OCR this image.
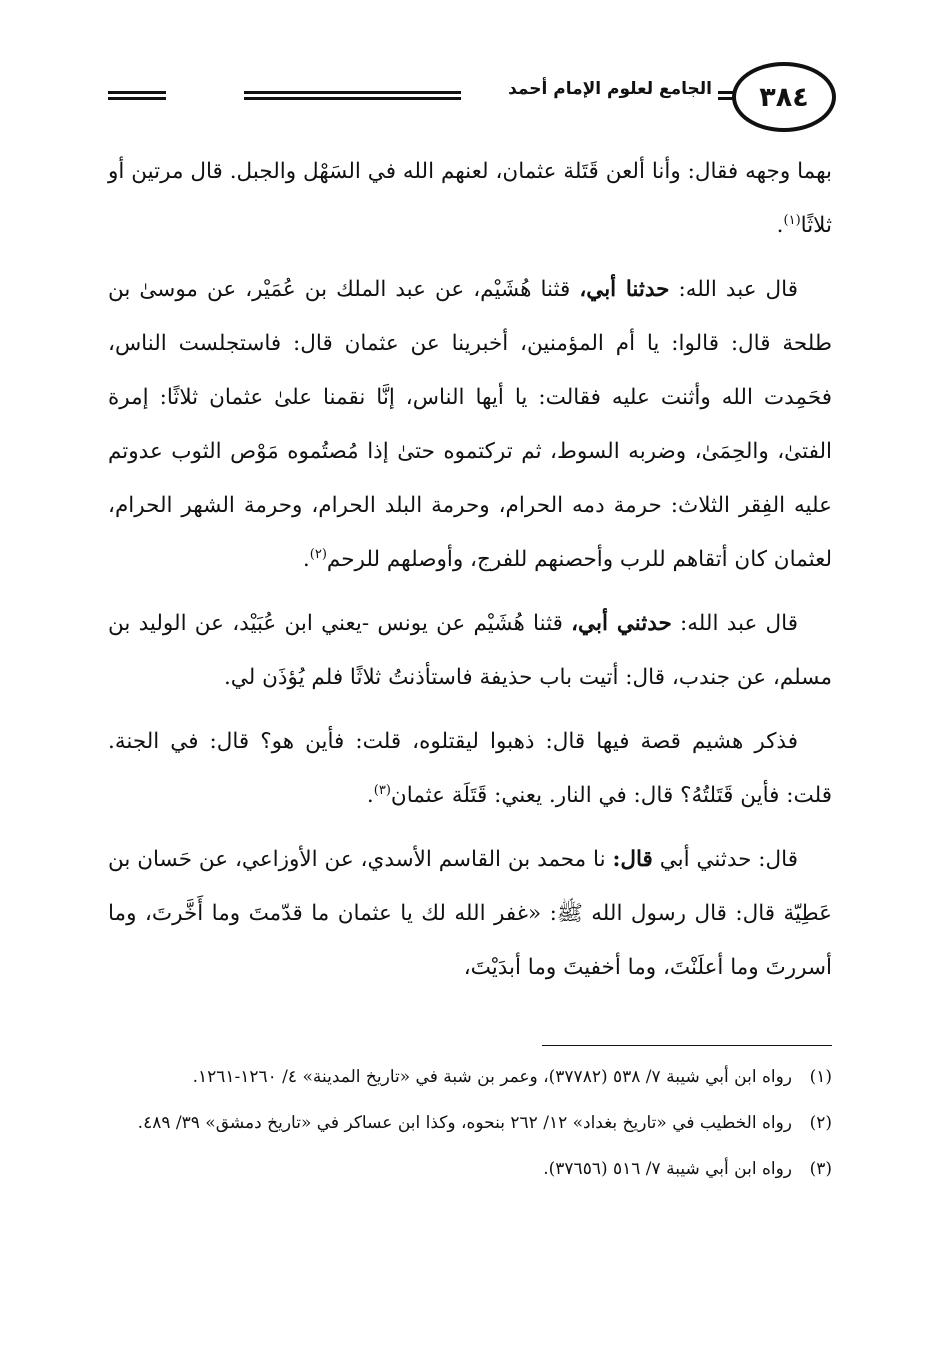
٣٨٤
الجامع لعلوم الإمام أحمد

بهما وجهه فقال: وأنا ألعن قَتَلة عثمان، لعنهم الله في السَهْل والجبل. قال مرتين أو ثلاثًا$^{(١)}$.

قال عبد الله: حدثنا أبي، قثنا هُشَيْم، عن عبد الملك بن عُمَيْر، عن موسىٰ بن طلحة قال: قالوا: يا أم المؤمنين، أخبرينا عن عثمان قال: فاستجلست الناس، فحَمِدت الله وأثنت عليه فقالت: يا أيها الناس، إنَّا نقمنا علىٰ عثمان ثلاثًا: إمرة الفتىٰ، والحِمَىٰ، وضربه السوط، ثم تركتموه حتىٰ إذا مُصتُموه مَوْص الثوب عدوتم عليه الفِقر الثلاث: حرمة دمه الحرام، وحرمة البلد الحرام، وحرمة الشهر الحرام، لعثمان كان أتقاهم للرب وأحصنهم للفرج، وأوصلهم للرحم$^{(٢)}$.

قال عبد الله: حدثني أبي، قثنا هُشَيْم عن يونس -يعني ابن عُبَيْد، عن الوليد بن مسلم، عن جندب، قال: أتيت باب حذيفة فاستأذنتُ ثلاثًا فلم يُؤذَن لي.

فذكر هشيم قصة فيها قال: ذهبوا ليقتلوه، قلت: فأين هو؟ قال: في الجنة. قلت: فأين قَتَلتُهُ؟ قال: في النار. يعني: قَتَلَة عثمان$^{(٣)}$.

قال: حدثني أبي قال: نا محمد بن القاسم الأسدي، عن الأوزاعي، عن حَسان بن عَطِيّة قال: قال رسول الله ﷺ: «غفر الله لك يا عثمان ما قدّمتَ وما أَخَّرتَ، وما أسررتَ وما أعلَنْتَ، وما أخفيتَ وما أبدَيْتَ،

(١)رواه ابن أبي شيبة ٧/ ٥٣٨ (٣٧٧٨٢)، وعمر بن شبة في «تاريخ المدينة» ٤/ ١٢٦٠-١٢٦١.

(٢)رواه الخطيب في «تاريخ بغداد» ١٢/ ٢٦٢ بنحوه، وكذا ابن عساكر في «تاريخ دمشق» ٣٩/ ٤٨٩.

(٣)رواه ابن أبي شيبة ٧/ ٥١٦ (٣٧٦٥٦).
